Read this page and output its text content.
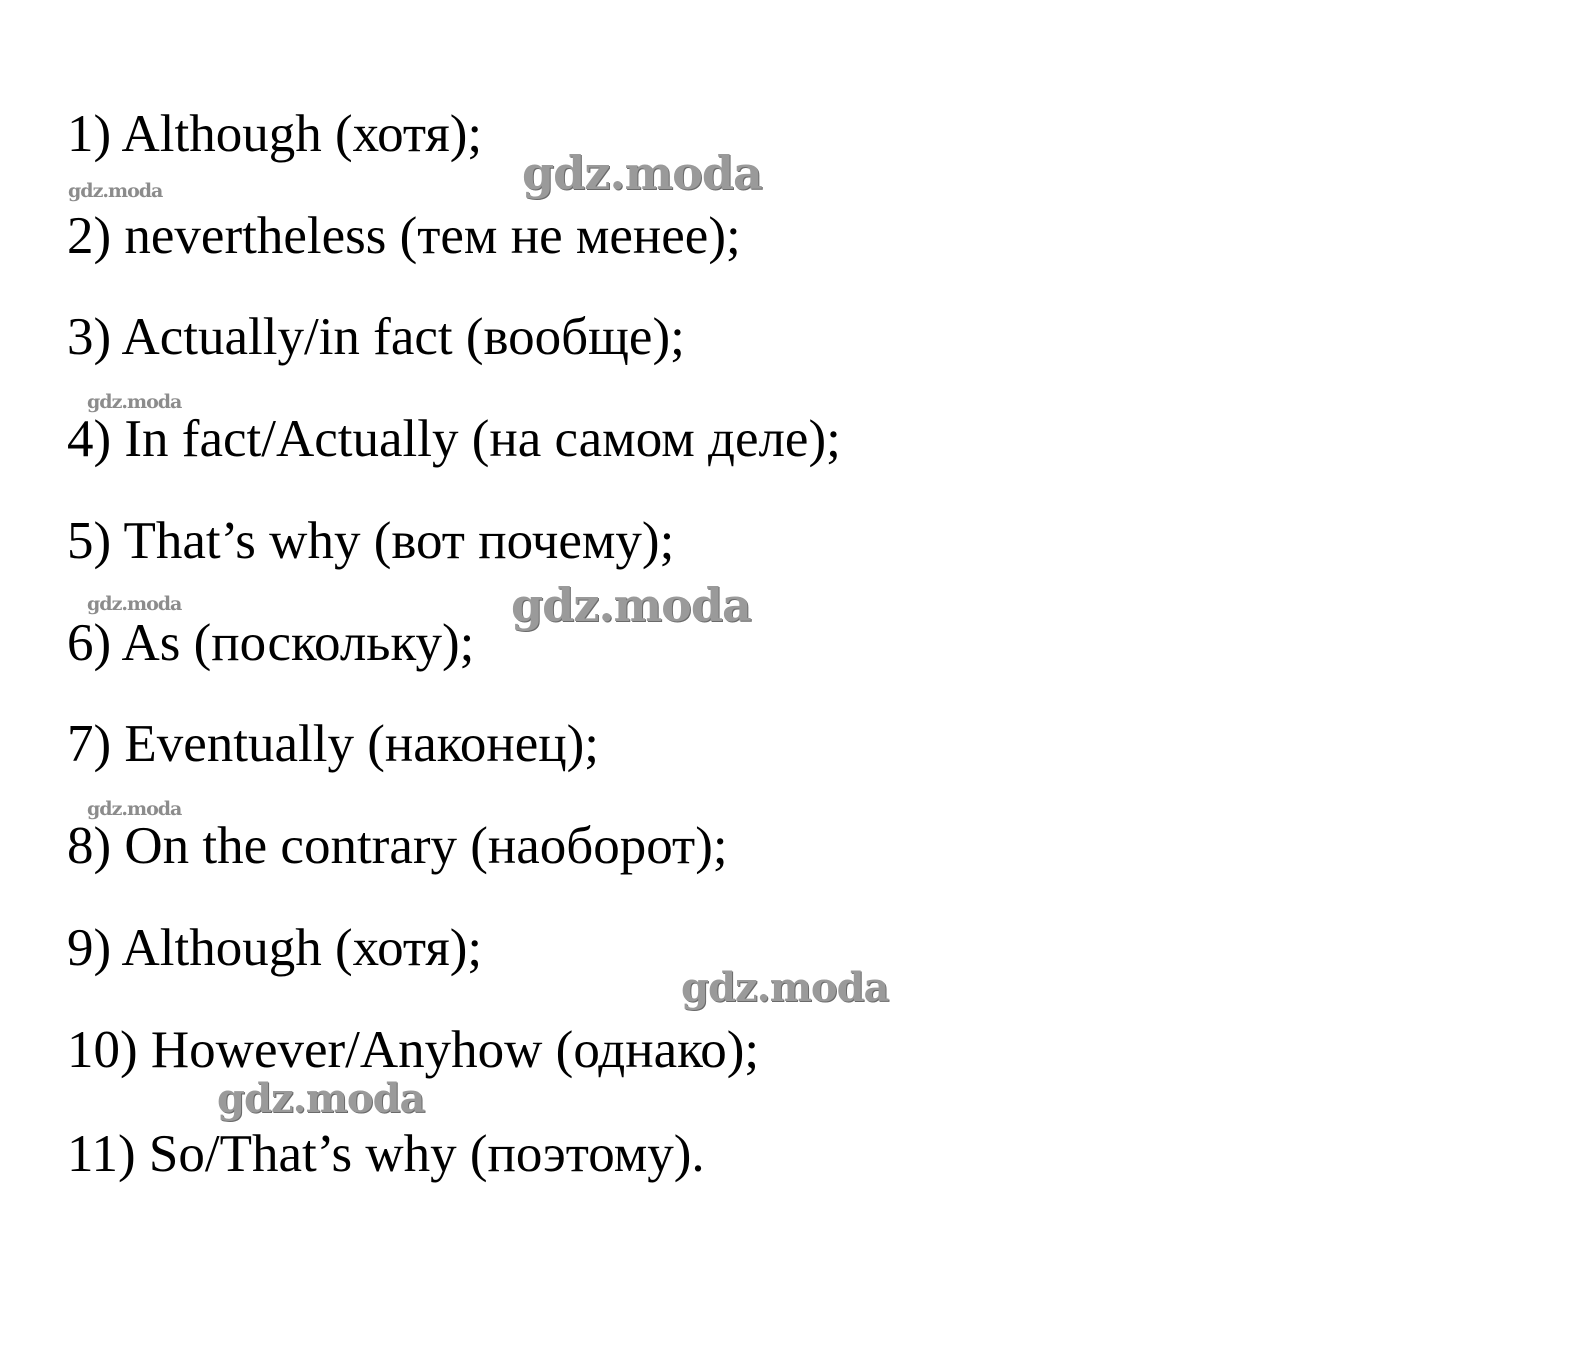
1) Although (хотя);
2) nevertheless (тем не менее);
3) Actually/in fact (вообще);
4) In fact/Actually (на самом деле);
5) That’s why (вот почему);
6) As (поскольку);
7) Eventually (наконец);
8) On the contrary (наоборот);
9) Although (хотя);
10) However/Anyhow (однако);
11) So/That’s why (поэтому).
gdz.moda
gdz.moda
gdz.moda
gdz.moda	gdz.moda
gdz.moda
gdz.moda
gdz.moda
